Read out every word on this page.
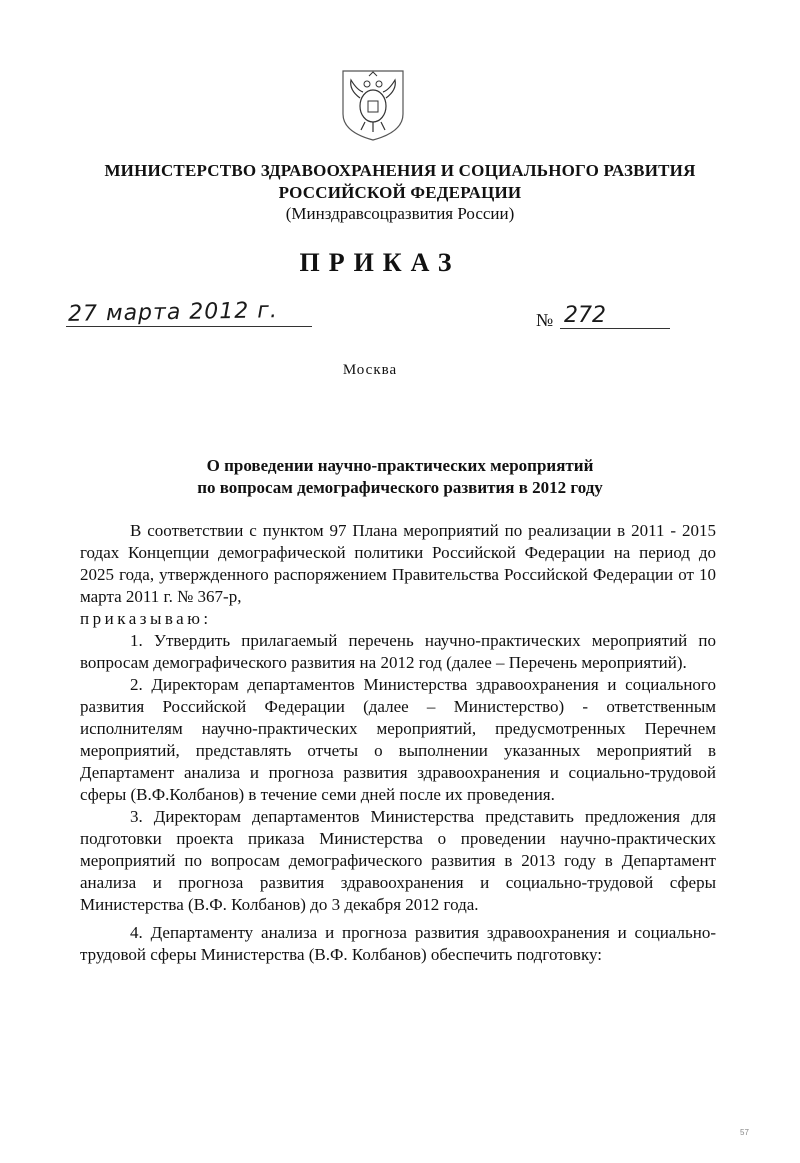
МИНИСТЕРСТВО ЗДРАВООХРАНЕНИЯ И СОЦИАЛЬНОГО РАЗВИТИЯ
РОССИЙСКОЙ ФЕДЕРАЦИИ
(Минздравсоцразвития России)
ПРИКАЗ
27 марта 2012 г.	№ 272
Москва
О проведении научно-практических мероприятий
по вопросам демографического развития в 2012 году

В соответствии с пунктом 97 Плана мероприятий по реализации в 2011 - 2015 годах Концепции демографической политики Российской Федерации на период до 2025 года, утвержденного распоряжением Правительства Российской Федерации от 10 марта 2011 г. № 367-р,
приказываю:

1. Утвердить прилагаемый перечень научно-практических мероприятий по вопросам демографического развития на 2012 год (далее – Перечень мероприятий).

2. Директорам департаментов Министерства здравоохранения и социального развития Российской Федерации (далее – Министерство) - ответственным исполнителям научно-практических мероприятий, предусмотренных Перечнем мероприятий, представлять отчеты о выполнении указанных мероприятий в Департамент анализа и прогноза развития здравоохранения и социально-трудовой сферы (В.Ф.Колбанов) в течение семи дней после их проведения.

3. Директорам департаментов Министерства представить предложения для подготовки проекта приказа Министерства о проведении научно-практических мероприятий по вопросам демографического развития в 2013 году в Департамент анализа и прогноза развития здравоохранения и социально-трудовой сферы Министерства (В.Ф. Колбанов) до 3 декабря 2012 года.

4. Департаменту анализа и прогноза развития здравоохранения и социально-трудовой сферы Министерства (В.Ф. Колбанов) обеспечить подготовку:

57
